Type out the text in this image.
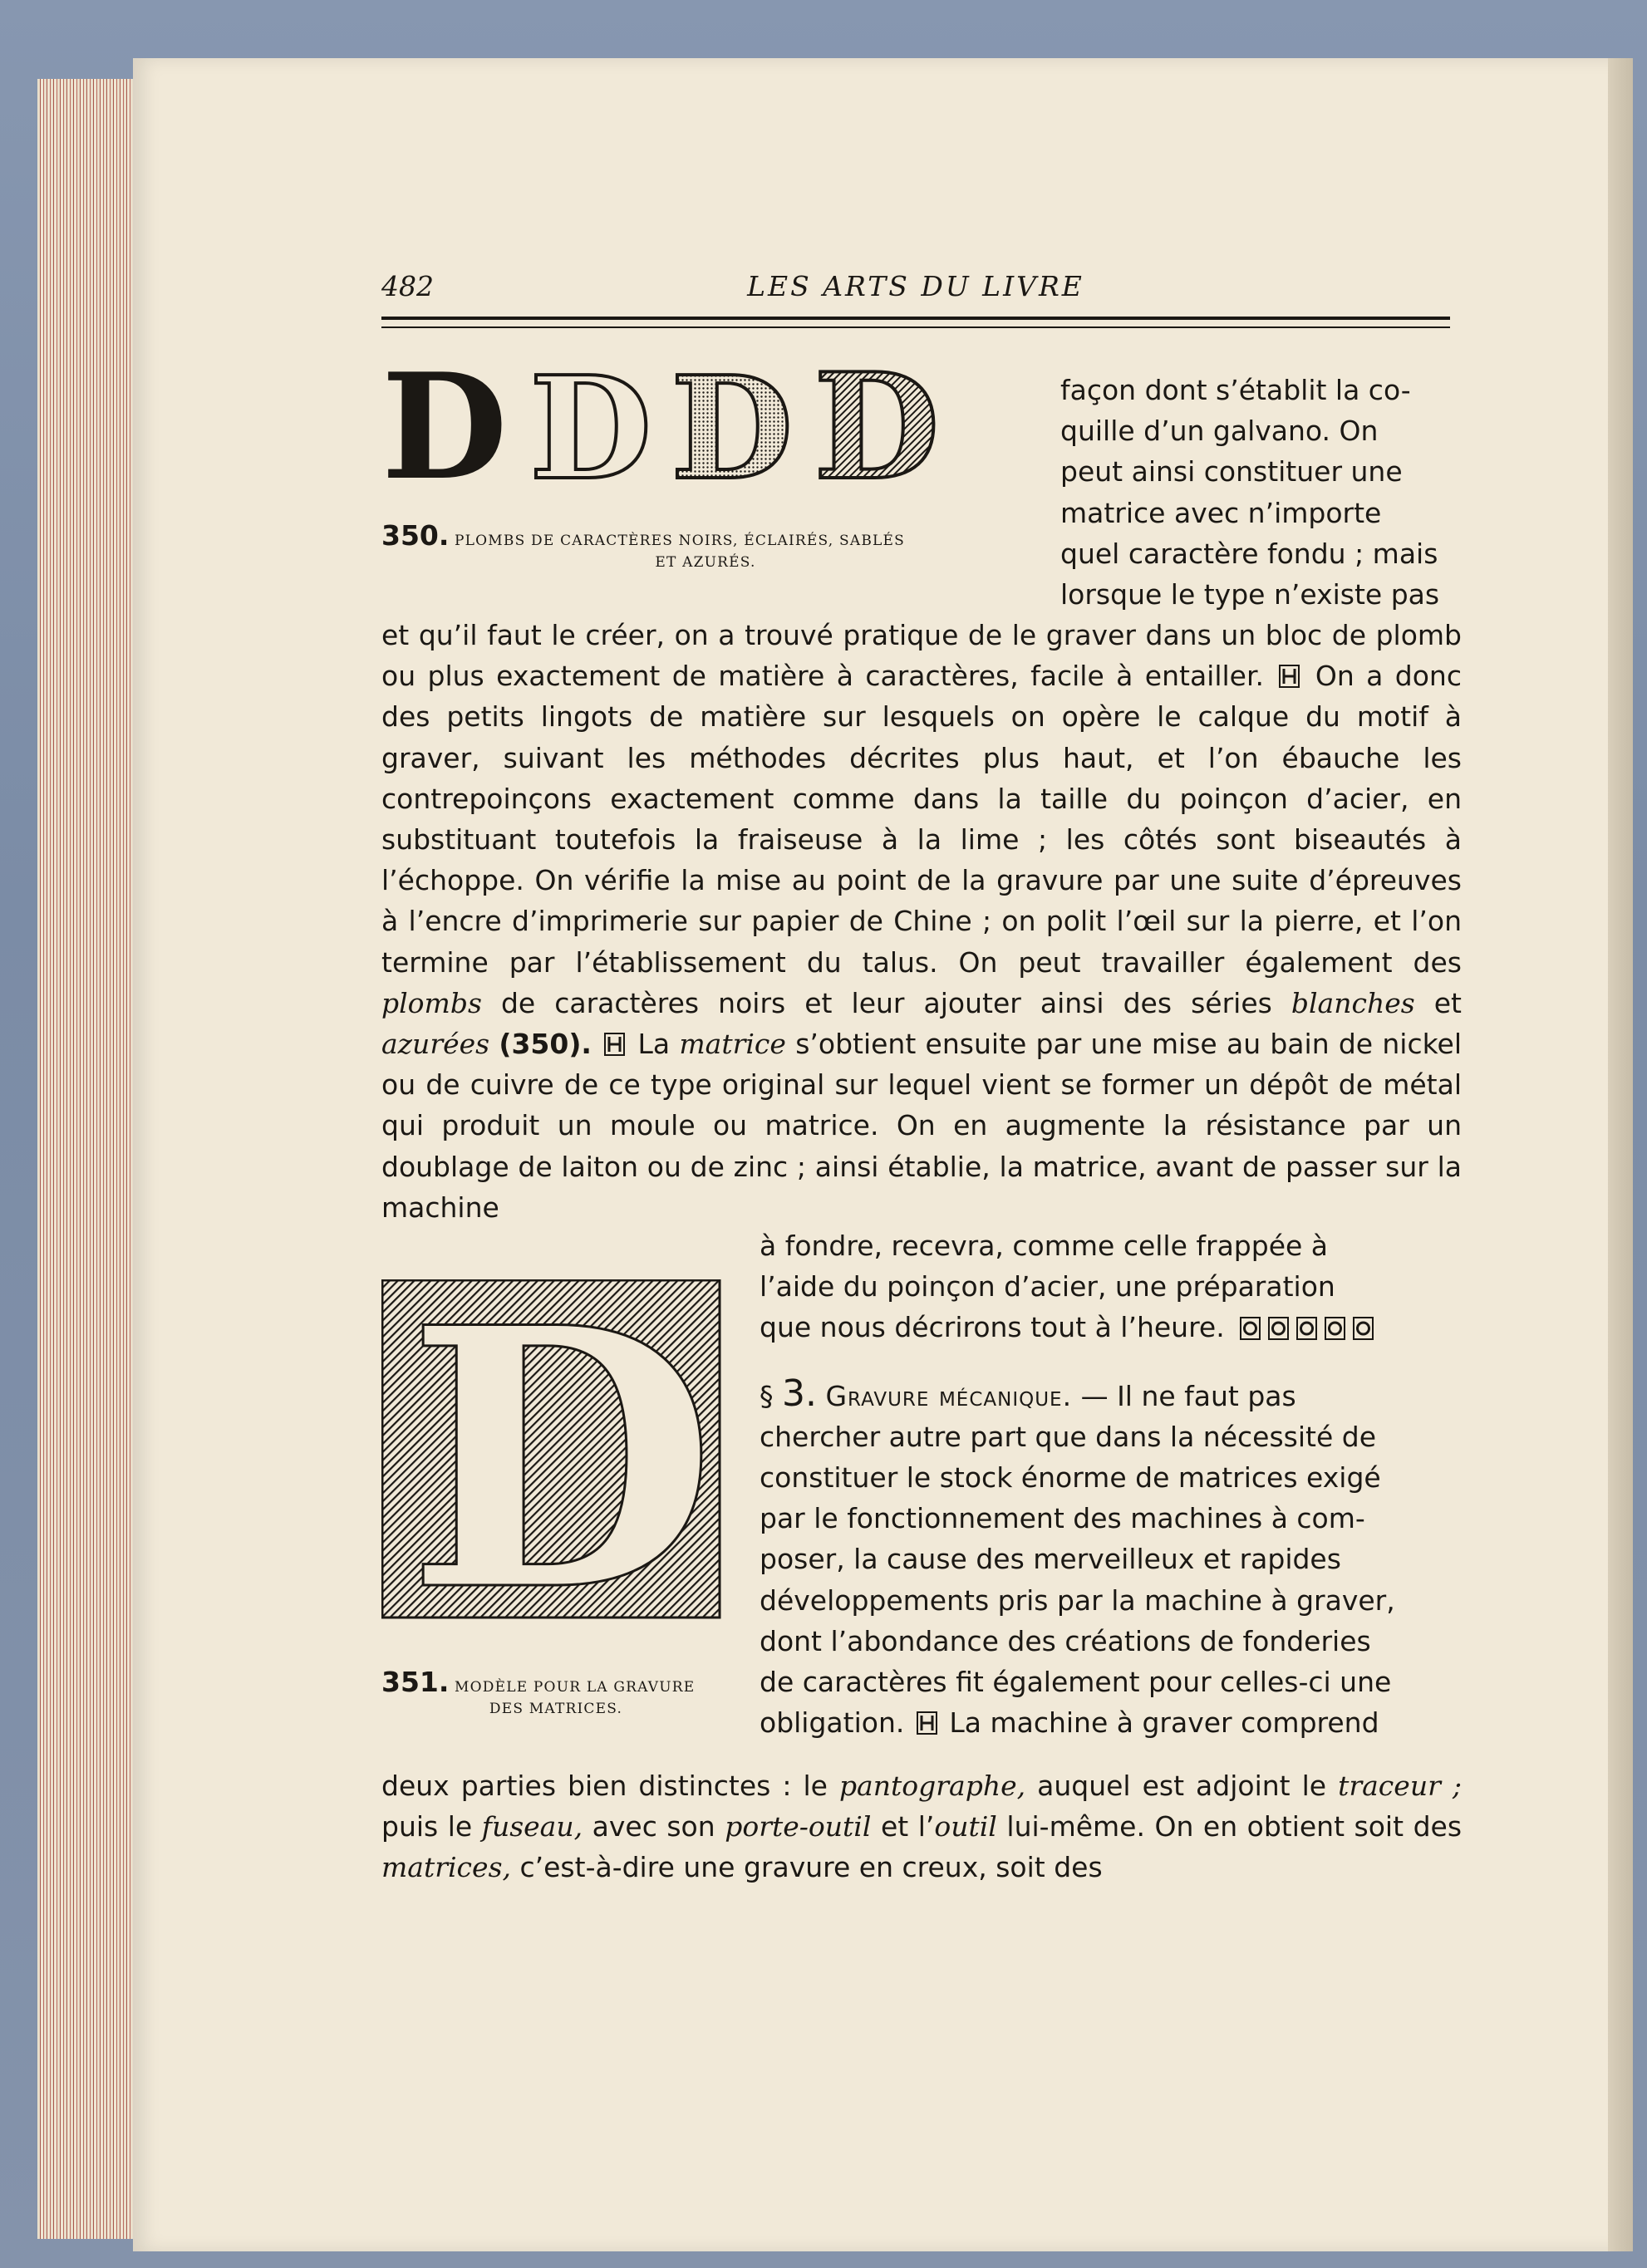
482	LES ARTS DU LIVRE
D D D D
350. PLOMBS DE CARACTÈRES NOIRS, ÉCLAIRÉS, SABLÉS
ET AZURÉS.
façon dont s’établit la co-
quille d’un galvano. On
peut ainsi constituer une
matrice avec n’importe
quel caractère fondu ; mais
lorsque le type n’existe pas

et qu’il faut le créer, on a trouvé pratique de le graver dans un bloc de plomb ou plus exactement de matière à caractères, facile à entailler. On a donc des petits lingots de matière sur lesquels on opère le calque du motif à graver, suivant les méthodes décrites plus haut, et l’on ébauche les contrepoinçons exactement comme dans la taille du poinçon d’acier, en substituant toutefois la fraiseuse à la lime ; les côtés sont biseautés à l’échoppe. On vérifie la mise au point de la gravure par une suite d’épreuves à l’encre d’imprimerie sur papier de Chine ; on polit l’œil sur la pierre, et l’on termine par l’établissement du talus. On peut travailler également des plombs de caractères noirs et leur ajouter ainsi des séries blanches et azurées (350). La matrice s’obtient ensuite par une mise au bain de nickel ou de cuivre de ce type original sur lequel vient se former un dépôt de métal qui produit un moule ou matrice. On en augmente la résistance par un doublage de laiton ou de zinc ; ainsi établie, la matrice, avant de passer sur la machine

D
351. MODÈLE POUR LA GRAVURE
DES MATRICES.
à fondre, recevra, comme celle frappée à
l’aide du poinçon d’acier, une préparation
que nous décrirons tout à l’heure.
§ 3. Gravure mécanique. — Il ne faut pas
chercher autre part que dans la nécessité de
constituer le stock énorme de matrices exigé
par le fonctionnement des machines à com-
poser, la cause des merveilleux et rapides
développements pris par la machine à graver,
dont l’abondance des créations de fonderies
de caractères fit également pour celles-ci une
obligation. La machine à graver comprend

deux parties bien distinctes : le pantographe, auquel est adjoint le traceur ; puis le fuseau, avec son porte-outil et l’outil lui-même. On en obtient soit des matrices, c’est-à-dire une gravure en creux, soit des
